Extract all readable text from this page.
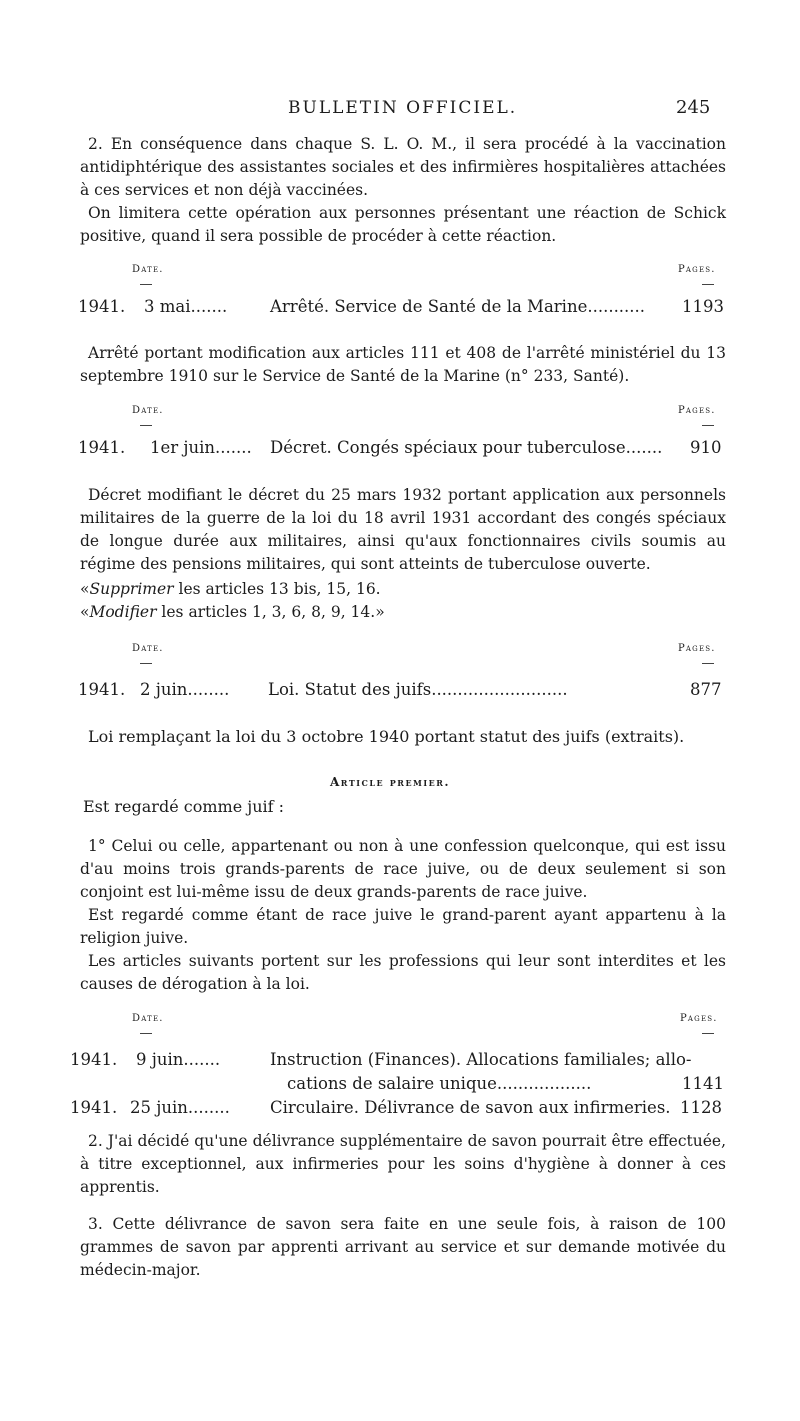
BULLETIN OFFICIEL.	245

2. En conséquence dans chaque S. L. O. M., il sera procédé à la vaccination antidiphtérique des assistantes sociales et des infirmières hospitalières attachées à ces services et non déjà vaccinées.

On limitera cette opération aux personnes présentant une réaction de Schick positive, quand il sera possible de procéder à cette réaction.

Date.	Pages.
1941. 3 mai.......	Arrêté. Service de Santé de la Marine........... 1193

Arrêté portant modification aux articles 111 et 408 de l'arrêté ministériel du 13 septembre 1910 sur le Service de Santé de la Marine (n° 233, Santé).

Date.	Pages.
1941. 1er juin....... Décret. Congés spéciaux pour tuberculose....... 910

Décret modifiant le décret du 25 mars 1932 portant application aux personnels militaires de la guerre de la loi du 18 avril 1931 accordant des congés spéciaux de longue durée aux militaires, ainsi qu'aux fonctionnaires civils soumis au régime des pensions militaires, qui sont atteints de tuberculose ouverte.

«Supprimer les articles 13 bis, 15, 16.

«Modifier les articles 1, 3, 6, 8, 9, 14.»

Date.	Pages.
1941. 2 juin........ Loi. Statut des juifs..........................	877
Loi remplaçant la loi du 3 octobre 1940 portant statut des juifs (extraits).
Article premier.
Est regardé comme juif :

1° Celui ou celle, appartenant ou non à une confession quelconque, qui est issu d'au moins trois grands-parents de race juive, ou de deux seulement si son conjoint est lui-même issu de deux grands-parents de race juive.

Est regardé comme étant de race juive le grand-parent ayant appartenu à la religion juive.

Les articles suivants portent sur les professions qui leur sont interdites et les causes de dérogation à la loi.

Date.	Pages.
1941. 9 juin.......	Instruction (Finances). Allocations familiales; allo-
cations de salaire unique..................	1141
1941. 25 juin........ Circulaire. Délivrance de savon aux infirmeries. 1128

2. J'ai décidé qu'une délivrance supplémentaire de savon pourrait être effectuée, à titre exceptionnel, aux infirmeries pour les soins d'hygiène à donner à ces apprentis.

3. Cette délivrance de savon sera faite en une seule fois, à raison de 100 grammes de savon par apprenti arrivant au service et sur demande motivée du médecin-major.
